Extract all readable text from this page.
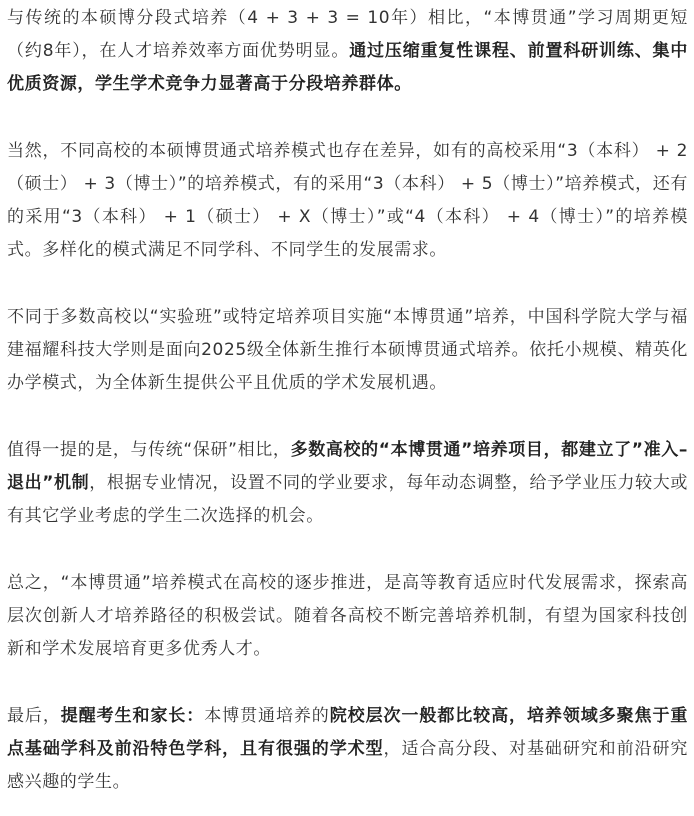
与传统的本硕博分段式培养（4 + 3 + 3 = 10年）相比，“本博贯通”学习周期更短（约8年），在人才培养效率方面优势明显。通过压缩重复性课程、前置科研训练、集中优质资源，学生学术竞争力显著高于分段培养群体。

当然，不同高校的本硕博贯通式培养模式也存在差异，如有的高校采用“3（本科） + 2（硕士） + 3（博士）”的培养模式，有的采用“3（本科） + 5（博士）”培养模式，还有的采用“3（本科） + 1（硕士） + X（博士）”或“4（本科） + 4（博士）”的培养模式。多样化的模式满足不同学科、不同学生的发展需求。

不同于多数高校以“实验班”或特定培养项目实施“本博贯通”培养，中国科学院大学与福建福耀科技大学则是面向2025级全体新生推行本硕博贯通式培养。依托小规模、精英化办学模式，为全体新生提供公平且优质的学术发展机遇。

值得一提的是，与传统“保研”相比，多数高校的“本博贯通”培养项目，都建立了”准入–退出”机制，根据专业情况，设置不同的学业要求，每年动态调整，给予学业压力较大或有其它学业考虑的学生二次选择的机会。

总之，“本博贯通”培养模式在高校的逐步推进，是高等教育适应时代发展需求，探索高层次创新人才培养路径的积极尝试。随着各高校不断完善培养机制，有望为国家科技创新和学术发展培育更多优秀人才。

最后，提醒考生和家长：本博贯通培养的院校层次一般都比较高，培养领域多聚焦于重点基础学科及前沿特色学科，且有很强的学术型，适合高分段、对基础研究和前沿研究感兴趣的学生。
